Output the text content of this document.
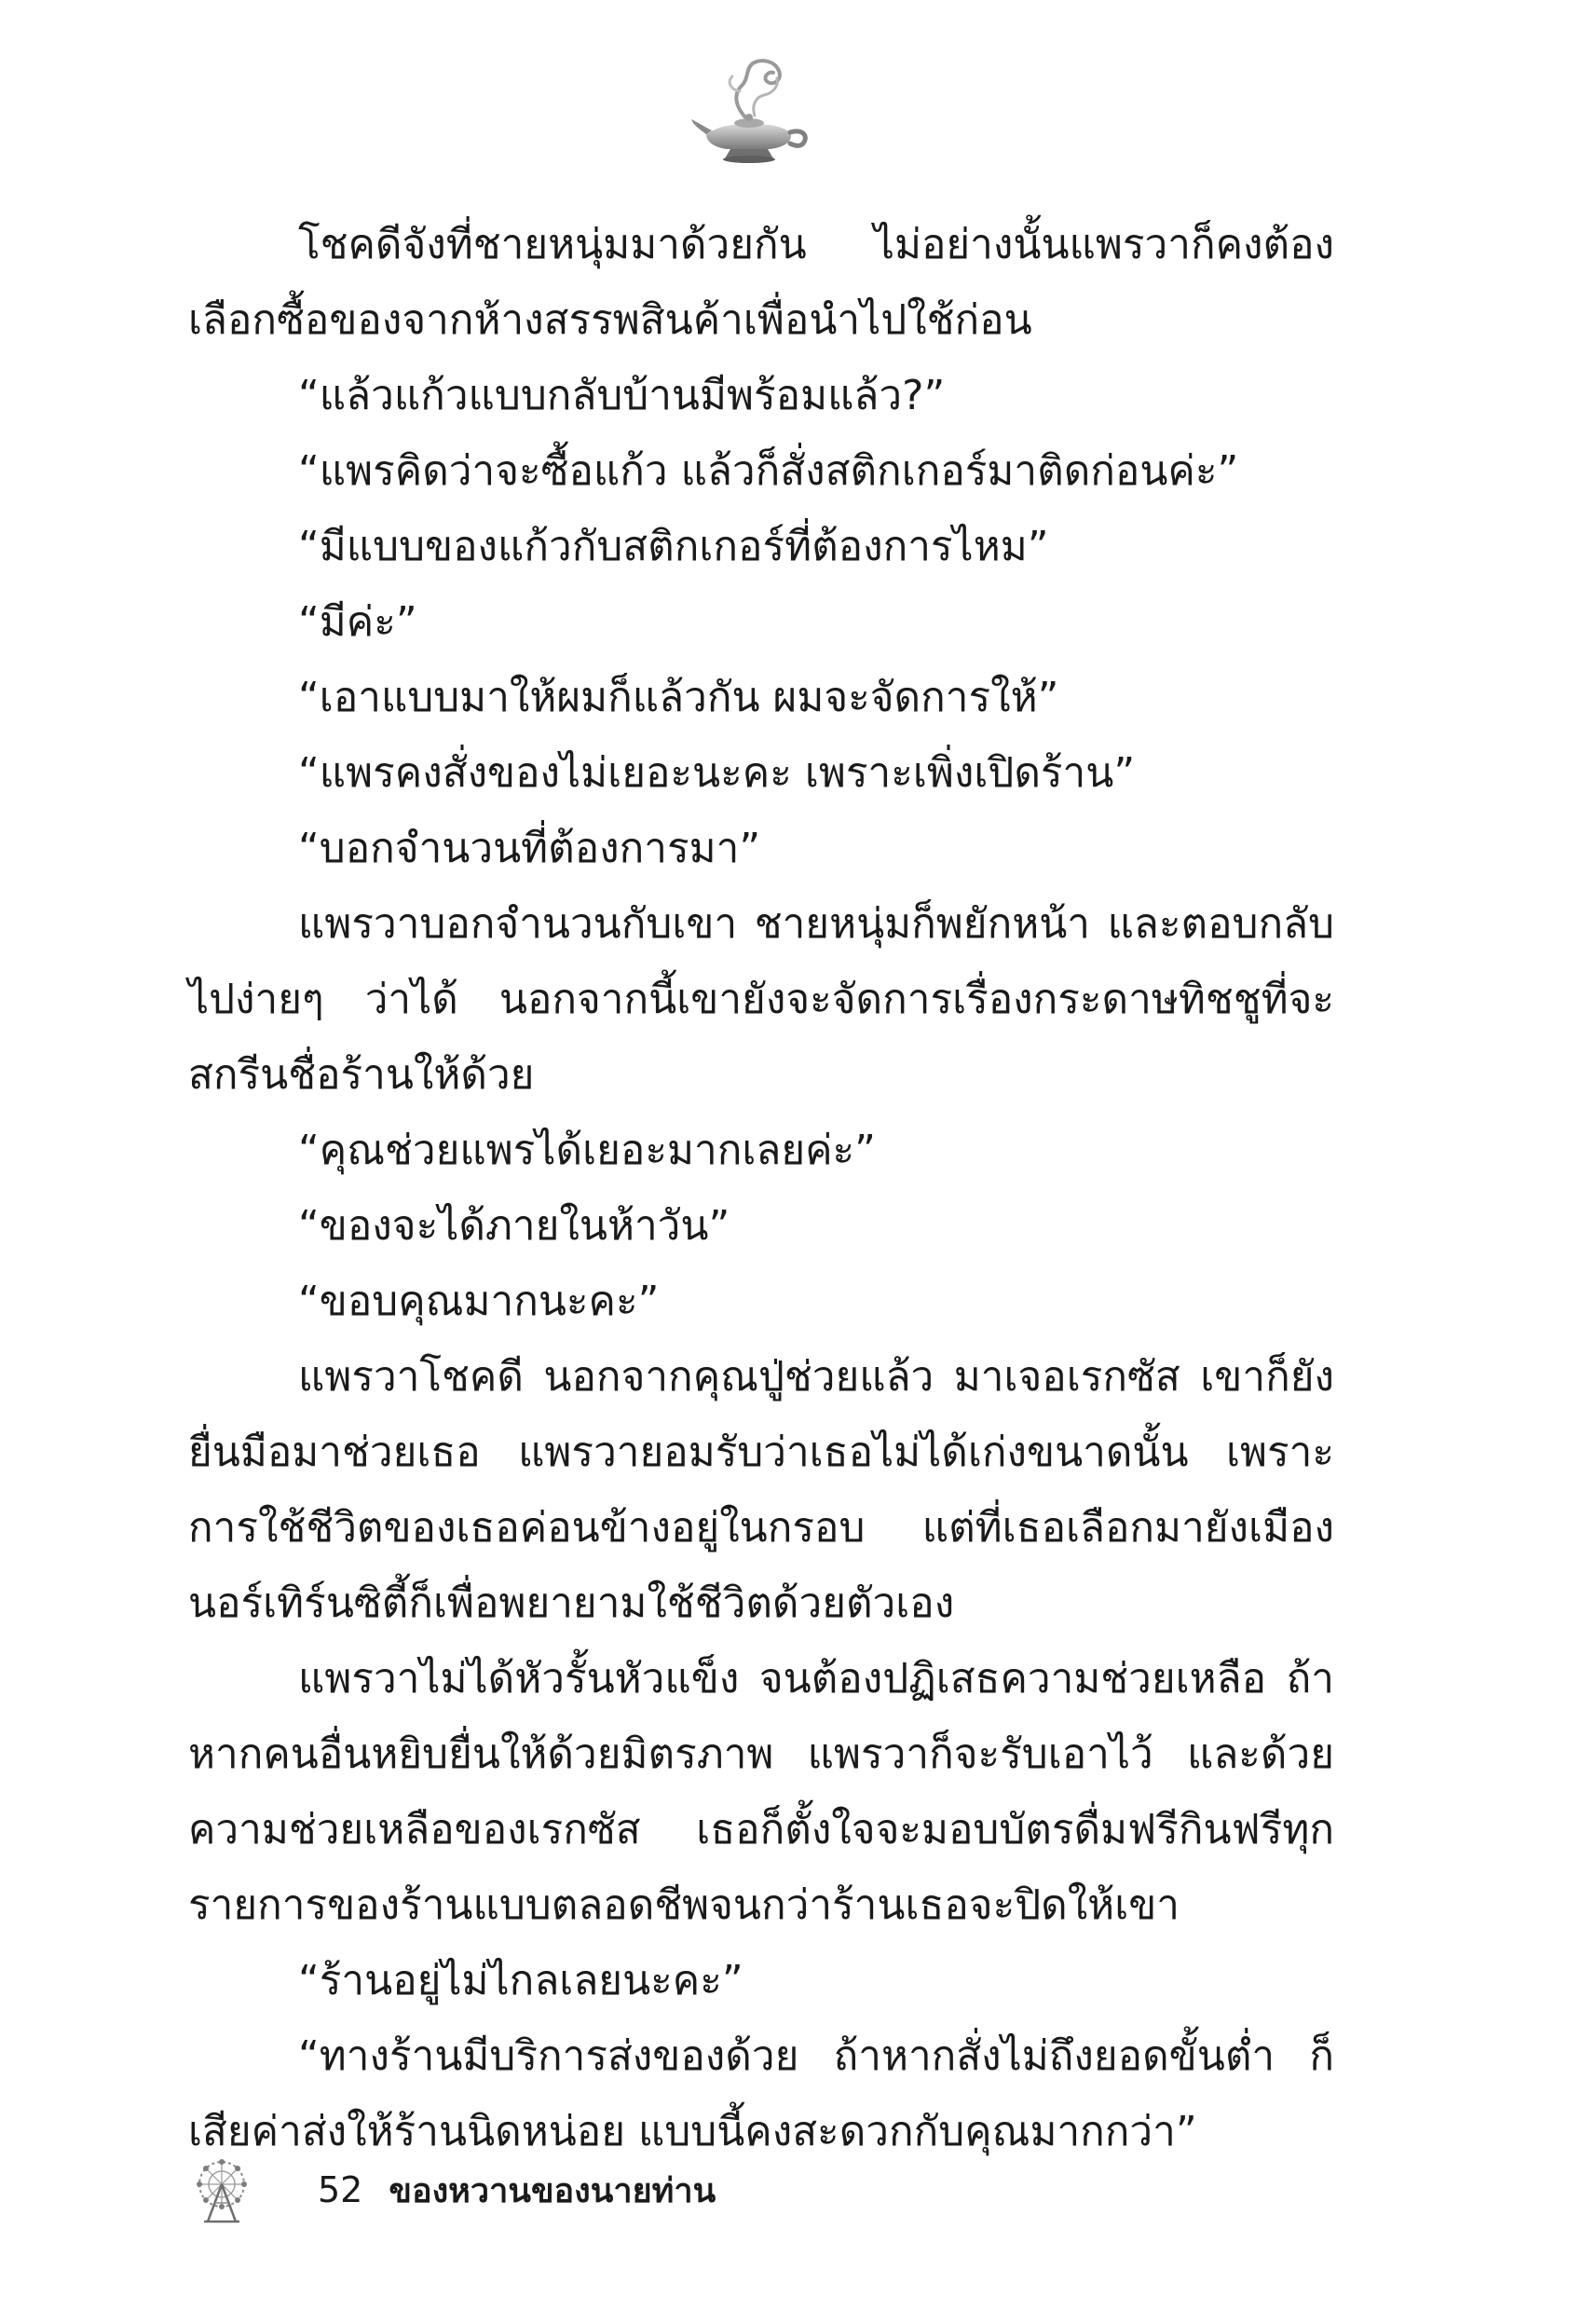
โชคดีจังที่ชายหนุ่มมาด้วยกัน ไม่อย่างนั้นแพรวาก็คงต้องเลือกซื้อของจากห้างสรรพสินค้าเพื่อนำไปใช้ก่อน

“แล้วแก้วแบบกลับบ้านมีพร้อมแล้ว?”

“แพรคิดว่าจะซื้อแก้ว แล้วก็สั่งสติกเกอร์มาติดก่อนค่ะ”

“มีแบบของแก้วกับสติกเกอร์ที่ต้องการไหม”

“มีค่ะ”

“เอาแบบมาให้ผมก็แล้วกัน ผมจะจัดการให้”

“แพรคงสั่งของไม่เยอะนะคะ เพราะเพิ่งเปิดร้าน”

“บอกจำนวนที่ต้องการมา”

แพรวาบอกจำนวนกับเขา ชายหนุ่มก็พยักหน้า และตอบกลับไปง่ายๆ ว่าได้ นอกจากนี้เขายังจะจัดการเรื่องกระดาษทิชชูที่จะสกรีนชื่อร้านให้ด้วย

“คุณช่วยแพรได้เยอะมากเลยค่ะ”

“ของจะได้ภายในห้าวัน”

“ขอบคุณมากนะคะ”

แพรวาโชคดี นอกจากคุณปู่ช่วยแล้ว มาเจอเรกซัส เขาก็ยังยื่นมือมาช่วยเธอ แพรวายอมรับว่าเธอไม่ได้เก่งขนาดนั้น เพราะการใช้ชีวิตของเธอค่อนข้างอยู่ในกรอบ แต่ที่เธอเลือกมายังเมืองนอร์เทิร์นซิตี้ก็เพื่อพยายามใช้ชีวิตด้วยตัวเอง

แพรวาไม่ได้หัวรั้นหัวแข็ง จนต้องปฏิเสธความช่วยเหลือ ถ้าหากคนอื่นหยิบยื่นให้ด้วยมิตรภาพ แพรวาก็จะรับเอาไว้ และด้วยความช่วยเหลือของเรกซัส เธอก็ตั้งใจจะมอบบัตรดื่มฟรีกินฟรีทุกรายการของร้านแบบตลอดชีพจนกว่าร้านเธอจะปิดให้เขา

“ร้านอยู่ไม่ไกลเลยนะคะ”

“ทางร้านมีบริการส่งของด้วย ถ้าหากสั่งไม่ถึงยอดขั้นต่ำ ก็เสียค่าส่งให้ร้านนิดหน่อย แบบนี้คงสะดวกกับคุณมากกว่า”

52 ของหวานของนายท่าน
